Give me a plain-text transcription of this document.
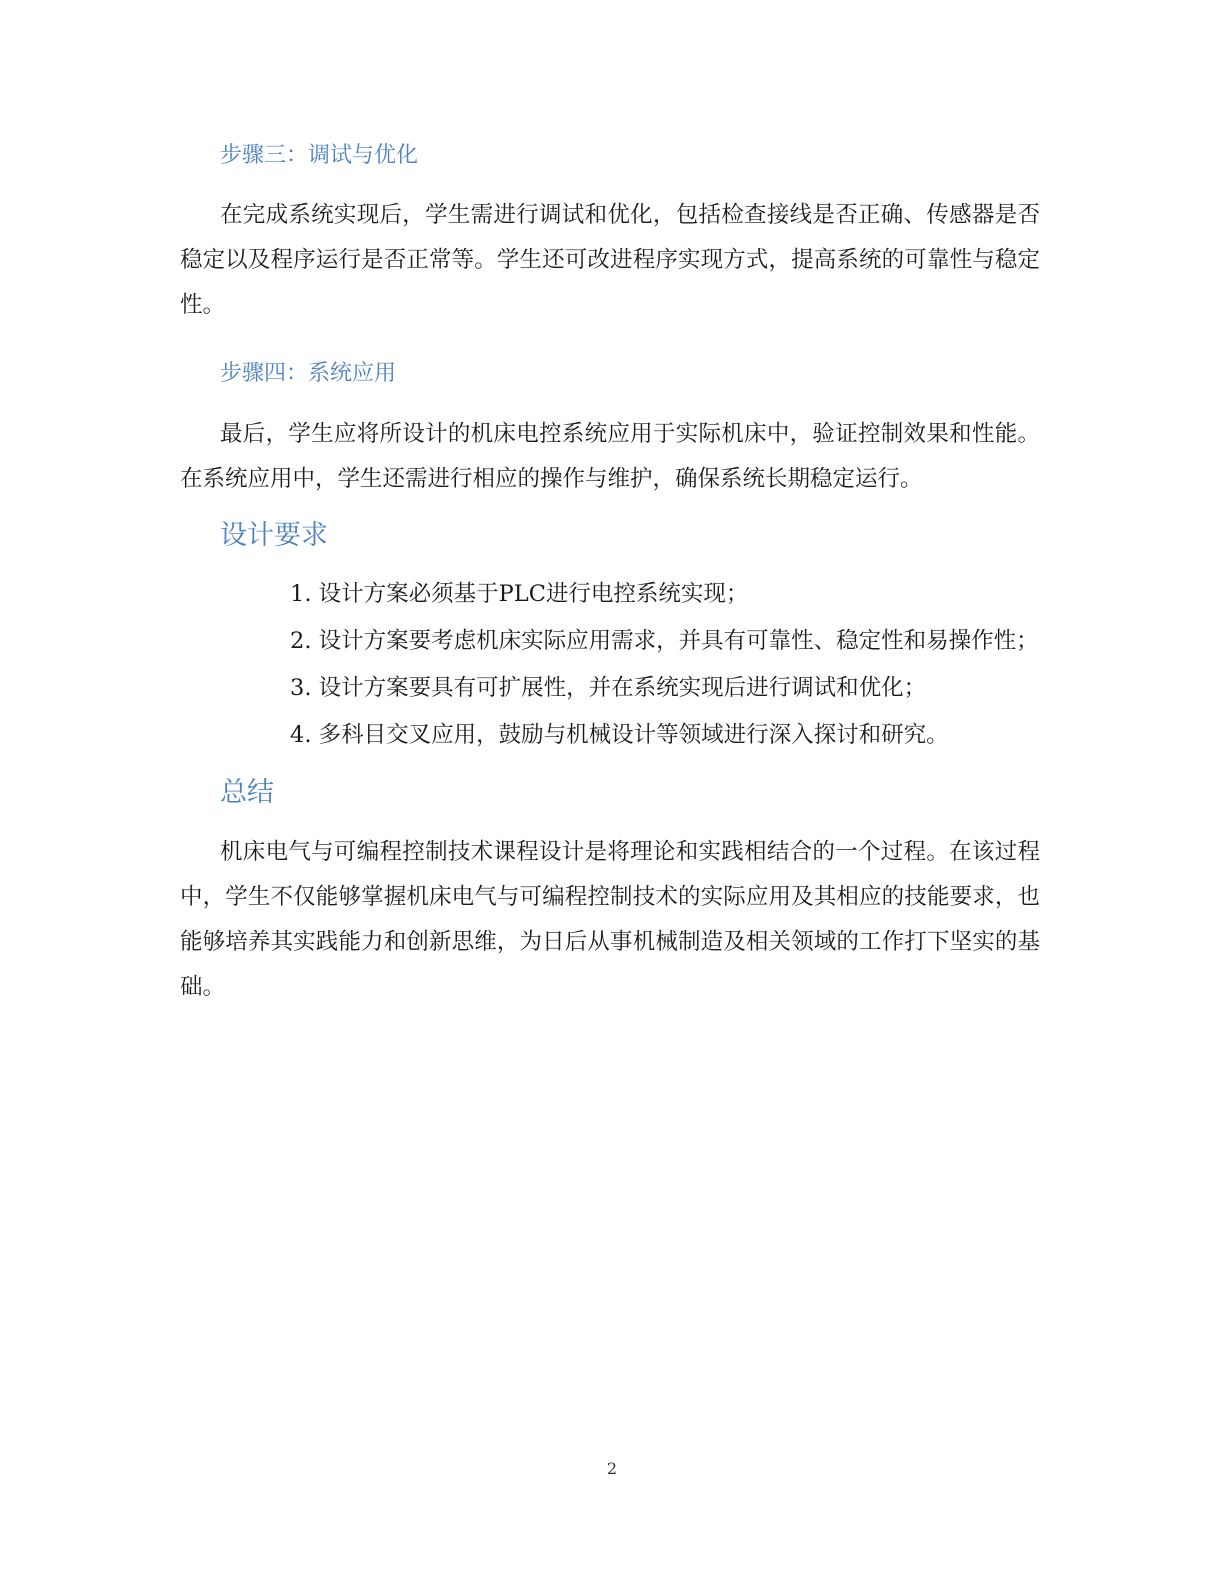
步骤三：调试与优化

在完成系统实现后，学生需进行调试和优化，包括检查接线是否正确、传感器是否稳定以及程序运行是否正常等。学生还可改进程序实现方式，提高系统的可靠性与稳定性。

步骤四：系统应用

最后，学生应将所设计的机床电控系统应用于实际机床中，验证控制效果和性能。在系统应用中，学生还需进行相应的操作与维护，确保系统长期稳定运行。

设计要求
1. 设计方案必须基于PLC进行电控系统实现；
2. 设计方案要考虑机床实际应用需求，并具有可靠性、稳定性和易操作性；
3. 设计方案要具有可扩展性，并在系统实现后进行调试和优化；
4. 多科目交叉应用，鼓励与机械设计等领域进行深入探讨和研究。
总结

机床电气与可编程控制技术课程设计是将理论和实践相结合的一个过程。在该过程中，学生不仅能够掌握机床电气与可编程控制技术的实际应用及其相应的技能要求，也能够培养其实践能力和创新思维，为日后从事机械制造及相关领域的工作打下坚实的基础。

2
